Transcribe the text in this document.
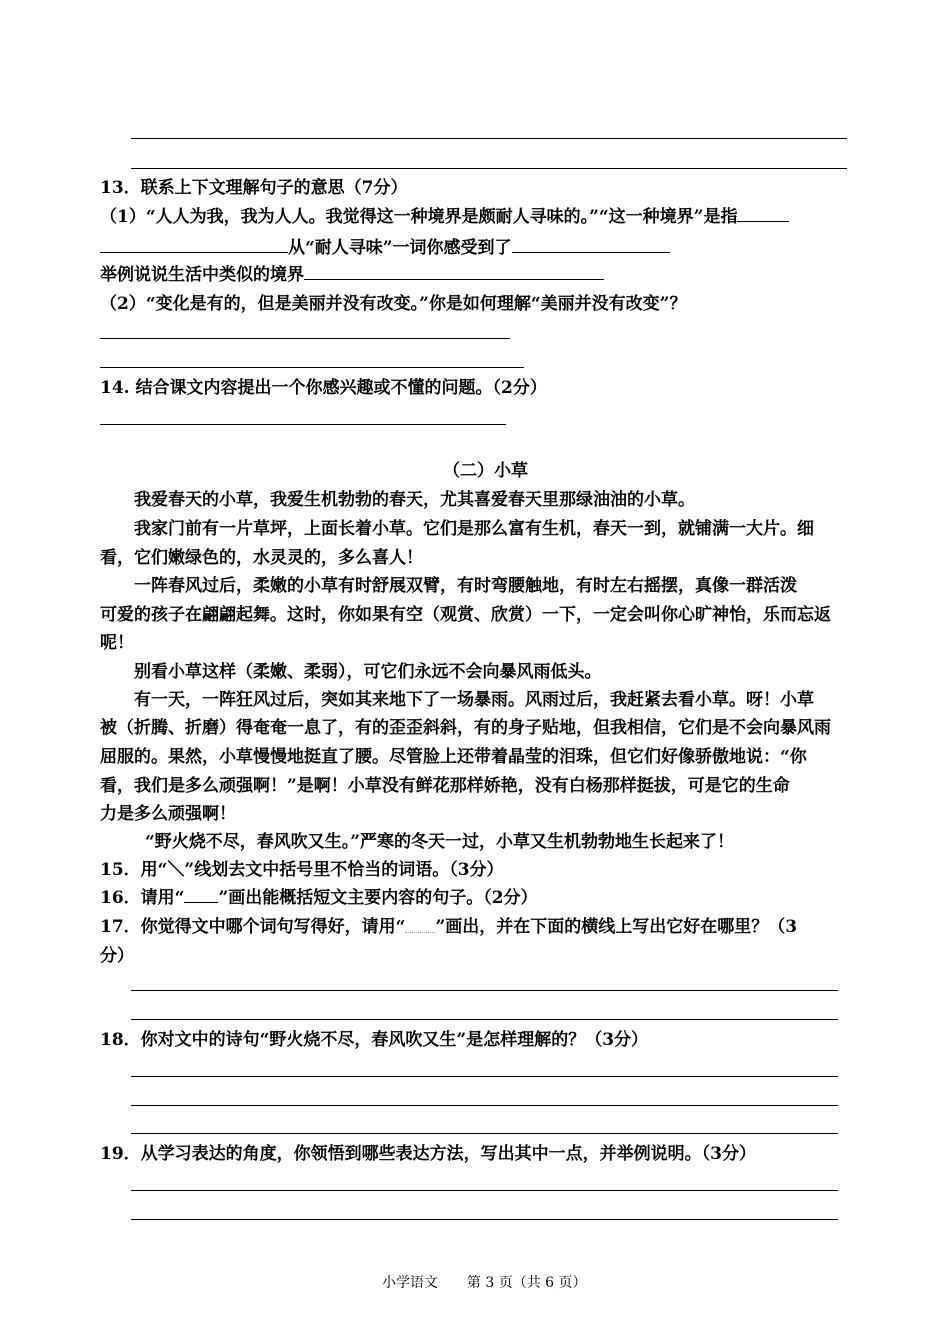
13．联系上下文理解句子的意思（7分）
（1）“人人为我，我为人人。我觉得这一种境界是颇耐人寻味的。”“这一种境界”是指
从“耐人寻味”一词你感受到了
举例说说生活中类似的境界
（2）“变化是有的，但是美丽并没有改变。”你是如何理解“美丽并没有改变”？
14. 结合课文内容提出一个你感兴趣或不懂的问题。（2分）
（二）小草
我爱春天的小草，我爱生机勃勃的春天，尤其喜爱春天里那绿油油的小草。
我家门前有一片草坪，上面长着小草。它们是那么富有生机，春天一到，就铺满一大片。细
看，它们嫩绿色的，水灵灵的，多么喜人！
一阵春风过后，柔嫩的小草有时舒展双臂，有时弯腰触地，有时左右摇摆，真像一群活泼
可爱的孩子在翩翩起舞。这时，你如果有空（观赏、欣赏）一下，一定会叫你心旷神怡，乐而忘返
呢！
别看小草这样（柔嫩、柔弱），可它们永远不会向暴风雨低头。
有一天，一阵狂风过后，突如其来地下了一场暴雨。风雨过后，我赶紧去看小草。呀！小草
被（折腾、折磨）得奄奄一息了，有的歪歪斜斜，有的身子贴地，但我相信，它们是不会向暴风雨
屈服的。果然，小草慢慢地挺直了腰。尽管脸上还带着晶莹的泪珠，但它们好像骄傲地说：“你
看，我们是多么顽强啊！”是啊！小草没有鲜花那样娇艳，没有白杨那样挺拔，可是它的生命
力是多么顽强啊！
“野火烧不尽，春风吹又生。”严寒的冬天一过，小草又生机勃勃地生长起来了！
15．用“＼”线划去文中括号里不恰当的词语。（3分）
16．请用“ ”画出能概括短文主要内容的句子。（2分）
17．你觉得文中哪个词句写得好，请用“ ”画出，并在下面的横线上写出它好在哪里？（3
分）
18．你对文中的诗句“野火烧不尽，春风吹又生”是怎样理解的？（3分）
19．从学习表达的角度，你领悟到哪些表达方法，写出其中一点，并举例说明。（3分）
小学语文 第 3 页（共 6 页）
